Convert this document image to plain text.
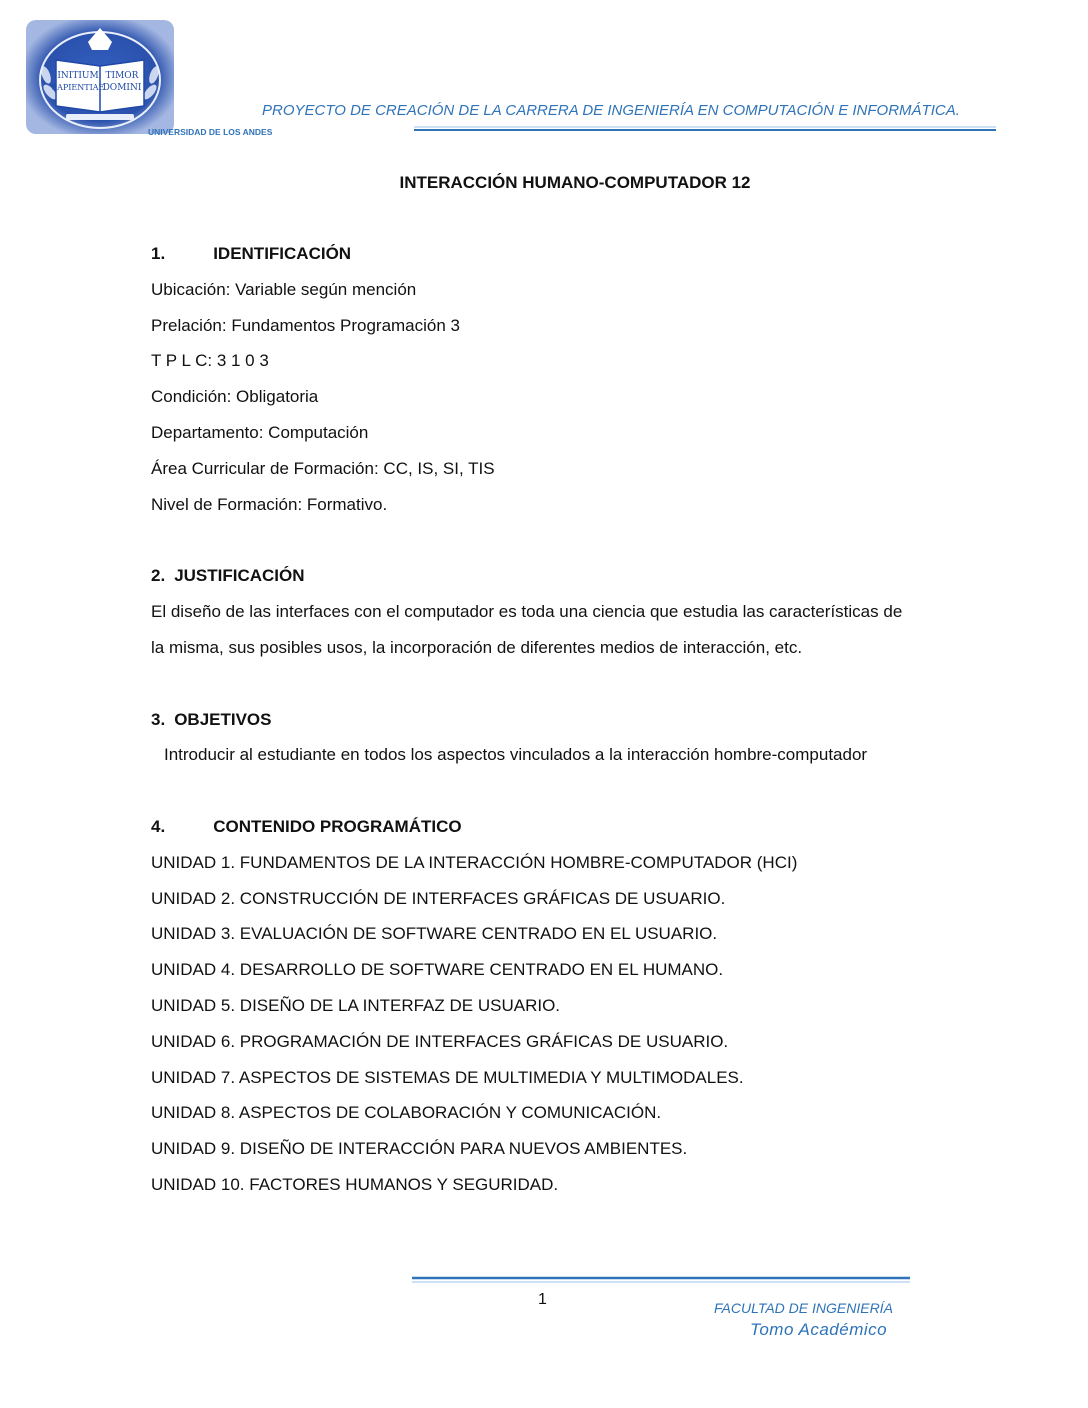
INITIUM
SAPIENTIAE
TIMOR
DOMINI
PROYECTO DE CREACIÓN DE LA CARRERA DE INGENIERÍA EN COMPUTACIÓN E INFORMÁTICA.
UNIVERSIDAD DE LOS ANDES
INTERACCIÓN HUMANO-COMPUTADOR 12
1.	IDENTIFICACIÓN
Ubicación: Variable según mención
Prelación: Fundamentos Programación 3
T P L C: 3 1 0 3
Condición: Obligatoria
Departamento: Computación
Área Curricular de Formación: CC, IS, SI, TIS
Nivel de Formación: Formativo.
2. JUSTIFICACIÓN
El diseño de las interfaces con el computador es toda una ciencia que estudia las características de
la misma, sus posibles usos, la incorporación de diferentes medios de interacción, etc.
3. OBJETIVOS
Introducir al estudiante en todos los aspectos vinculados a la interacción hombre-computador
4.	CONTENIDO PROGRAMÁTICO
UNIDAD 1. FUNDAMENTOS DE LA INTERACCIÓN HOMBRE-COMPUTADOR (HCI)
UNIDAD 2. CONSTRUCCIÓN DE INTERFACES GRÁFICAS DE USUARIO.
UNIDAD 3. EVALUACIÓN DE SOFTWARE CENTRADO EN EL USUARIO.
UNIDAD 4. DESARROLLO DE SOFTWARE CENTRADO EN EL HUMANO.
UNIDAD 5. DISEÑO DE LA INTERFAZ DE USUARIO.
UNIDAD 6. PROGRAMACIÓN DE INTERFACES GRÁFICAS DE USUARIO.
UNIDAD 7. ASPECTOS DE SISTEMAS DE MULTIMEDIA Y MULTIMODALES.
UNIDAD 8. ASPECTOS DE COLABORACIÓN Y COMUNICACIÓN.
UNIDAD 9. DISEÑO DE INTERACCIÓN PARA NUEVOS AMBIENTES.
UNIDAD 10. FACTORES HUMANOS Y SEGURIDAD.
1	FACULTAD DE INGENIERÍA
Tomo Académico
